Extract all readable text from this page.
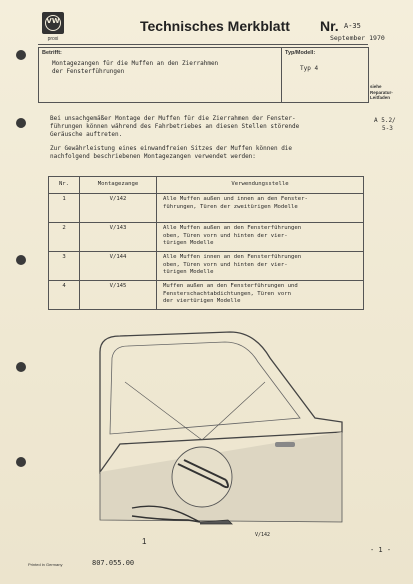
VW
proxi
Technisches Merkblatt Nr. A-35
September 1970
Betrifft:
Montagezangen für die Muffen an den Zierrahmen
der Fensterführungen
Typ/Modell:
Typ 4
siehe
Reparatur-
Leitfaden
A 5.2/
5-3
Bei unsachgemäßer Montage der Muffen für die Zierrahmen der Fenster-
führungen können während des Fahrbetriebes an diesen Stellen störende
Geräusche auftreten.
Zur Gewährleistung eines einwandfreien Sitzes der Muffen können die
nachfolgend beschriebenen Montagezangen verwendet werden:
Nr.	Montagezange	Verwendungsstelle
1	V/142	Alle Muffen außen und innen an den Fenster-
führungen, Türen der zweitürigen Modelle

2	V/143	Alle Muffen außen an den Fensterführungen
oben, Türen vorn und hinten der vier-
türigen Modelle

3	V/144	Alle Muffen innen an den Fensterführungen
oben, Türen vorn und hinten der vier-
türigen Modelle

4	V/145	Muffen außen an den Fensterführungen und
Fensterschachtabdichtungen, Türen vorn
der viertürigen Modelle
1
V/142
- 1 -
Printed in Germany	807.055.00
